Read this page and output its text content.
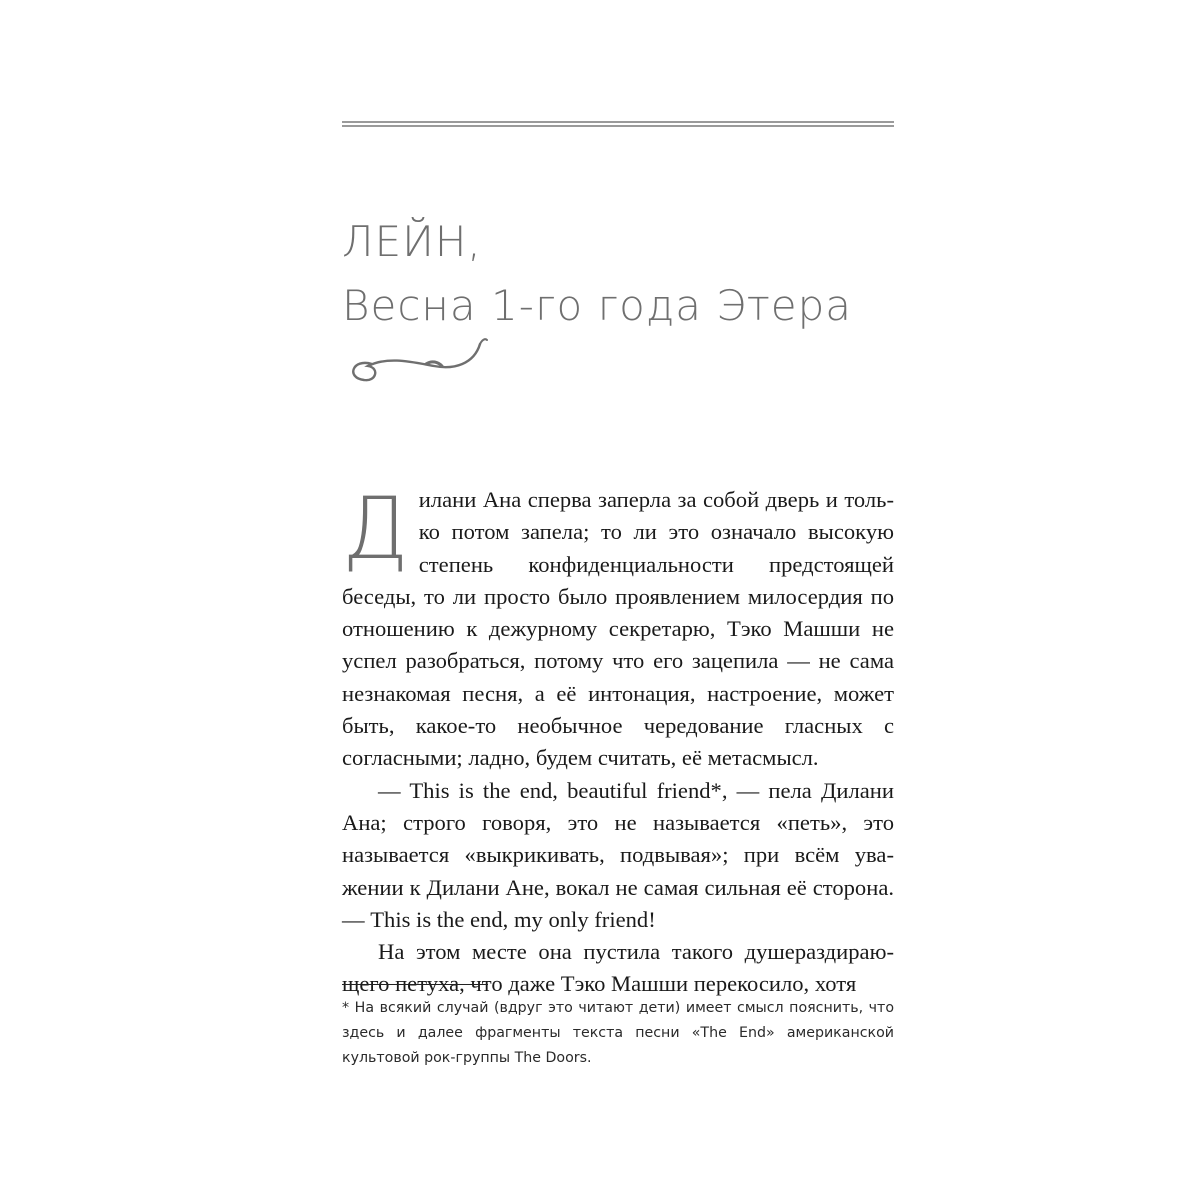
ЛЕЙН,
Весна 1-го года Этера

Дилани Ана сперва заперла за собой дверь и только потом запела; то ли это означало высокую степень конфиденциальности предстоящей беседы, то ли просто было проявлением милосердия по отношению к дежурному секретарю, Тэко Машши не успел разобраться, потому что его зацепила — не сама незнакомая песня, а её интонация, настроение, может быть, какое-то необычное чередование гласных с согласными; ладно, будем считать, её метасмысл.

— This is the end, beautiful friend*, — пела Дилани Ана; строго говоря, это не называется «петь», это называется «выкрикивать, подвывая»; при всём уважении к Дилани Ане, вокал не самая сильная её сторона. — This is the end, my only friend!

На этом месте она пустила такого душераздирающего петуха, что даже Тэко Машши перекосило, хотя

* На всякий случай (вдруг это читают дети) имеет смысл пояснить, что здесь и далее фрагменты текста песни «The End» американской культовой рок-группы The Doors.
